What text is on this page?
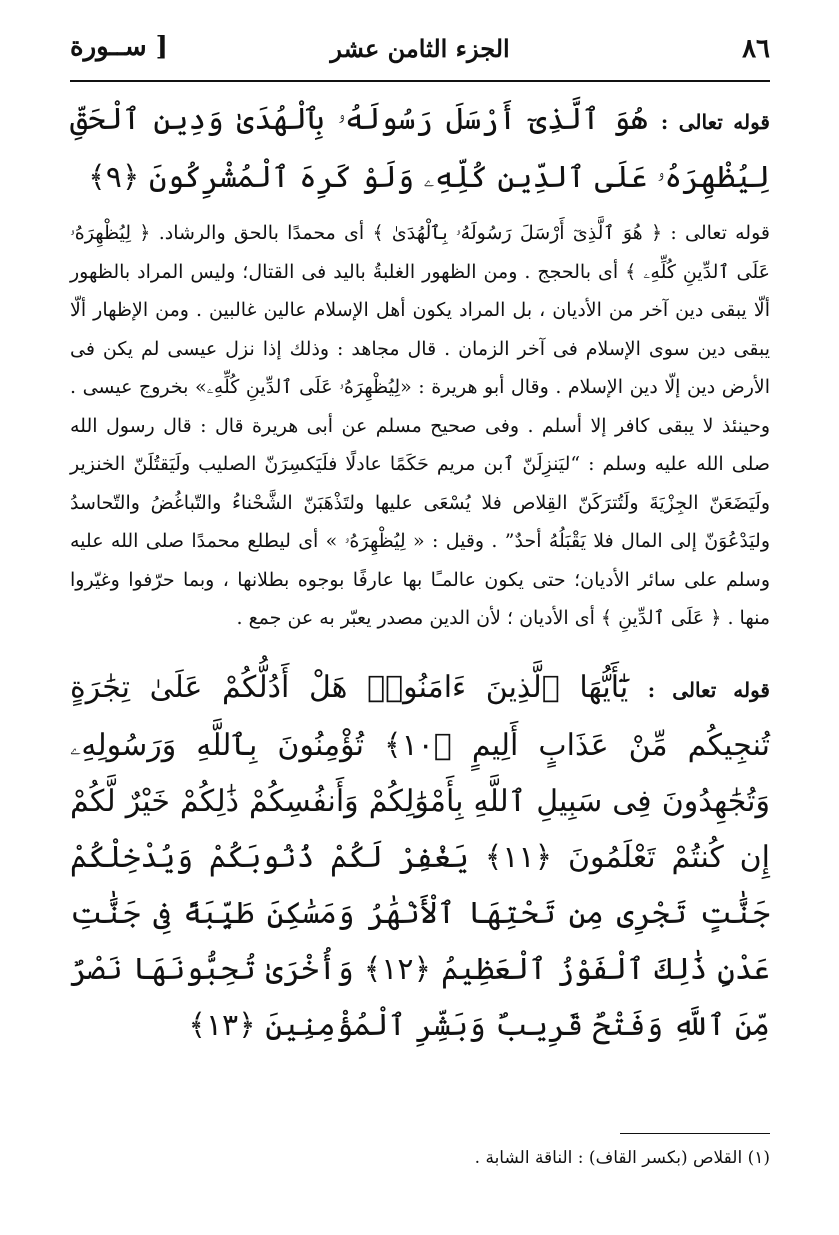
٨٦
الجزء الثامن عشر
[ ســورة
قوله تعالى : هُوَ ٱلَّذِىٓ أَرْسَلَ رَسُولَهُۥ بِٱلْهُدَىٰ وَدِينِ ٱلْحَقِّ لِيُظْهِرَهُۥ عَلَى ٱلدِّينِ كُلِّهِۦ وَلَوْ كَرِهَ ٱلْمُشْرِكُونَ ﴿٩﴾

قوله تعالى : ﴿ هُوَ ٱلَّذِىٓ أَرْسَلَ رَسُولَهُۥ بِٱلْهُدَىٰ ﴾ أى محمدًا بالحق والرشاد. ﴿ لِيُظْهِرَهُۥ عَلَى ٱلدِّينِ كُلِّهِۦ ﴾ أى بالحجج . ومن الظهور الغلبةُ باليد فى القتال؛ وليس المراد بالظهور ألّا يبقى دين آخر من الأديان ، بل المراد يكون أهل الإسلام عالين غالبين . ومن الإظهار ألّا يبقى دين سوى الإسلام فى آخر الزمان . قال مجاهد : وذلك إذا نزل عيسى لم يكن فى الأرض دين إلّا دين الإسلام . وقال أبو هريرة : «لِيُظْهِرَهُۥ عَلَى ٱلدِّينِ كُلِّهِۦ» بخروج عيسى . وحينئذ لا يبقى كافر إلا أسلم . وفى صحيح مسلم عن أبى هريرة قال : قال رسول الله صلى الله عليه وسلم : “ليَنزِلَنّ ٱبن مريم حَكَمًا عادلًا فلَيَكسِرَنّ الصليب ولَيَقتُلَنّ الخنزير ولَيَضَعَنّ الجِزْيَةَ ولَتُترَكَنّ القِلاص فلا يُسْعَى عليها ولتَذْهَبَنّ الشَّحْناءُ والتّباغُضُ والتّحاسدُ وليَدْعُوَنّ إلى المال فلا يَقْبَلُهُ أحدٌ” . وقيل : « لِيُظْهِرَهُۥ » أى ليطلع محمدًا صلى الله عليه وسلم على سائر الأديان؛ حتى يكون عالمـًا بها عارفًا بوجوه بطلانها ، وبما حرّفوا وغيّروا منها . ﴿ عَلَى ٱلدِّينِ ﴾ أى الأديان ؛ لأن الدين مصدر يعبّر به عن جمع .

قوله تعالى : يَٰٓأَيُّهَا ٱلَّذِينَ ءَامَنُوا۟ هَلْ أَدُلُّكُمْ عَلَىٰ تِجَٰرَةٍ تُنجِيكُم مِّنْ عَذَابٍ أَلِيمٍ ﴿١٠﴾ تُؤْمِنُونَ بِٱللَّهِ وَرَسُولِهِۦ وَتُجَٰهِدُونَ فِى سَبِيلِ ٱللَّهِ بِأَمْوَٰلِكُمْ وَأَنفُسِكُمْ ذَٰلِكُمْ خَيْرٌ لَّكُمْ إِن كُنتُمْ تَعْلَمُونَ ﴿١١﴾ يَغْفِرْ لَكُمْ ذُنُوبَكُمْ وَيُدْخِلْكُمْ جَنَّٰتٍ تَجْرِى مِن تَحْتِهَا ٱلْأَنْهَٰرُ وَمَسَٰكِنَ طَيِّبَةً فِى جَنَّٰتِ عَدْنٍ ذَٰلِكَ ٱلْفَوْزُ ٱلْعَظِيمُ ﴿١٢﴾ وَأُخْرَىٰ تُحِبُّونَهَا نَصْرٌ مِّنَ ٱللَّهِ وَفَتْحٌ قَرِيبٌ وَبَشِّرِ ٱلْمُؤْمِنِينَ ﴿١٣﴾
(١) القلاص (بكسر القاف) : الناقة الشابة .
